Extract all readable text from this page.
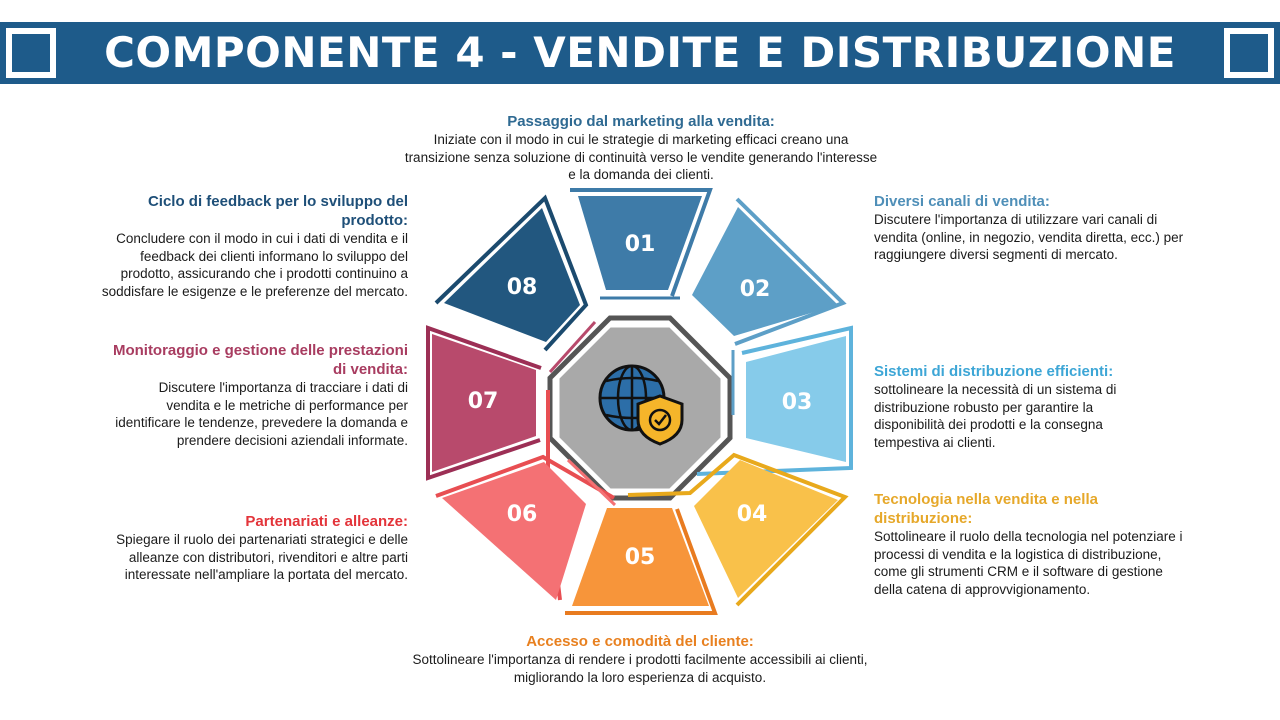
COMPONENTE 4 - VENDITE E DISTRIBUZIONE
01
02
03
04
05
06
07
08

Passaggio dal marketing alla vendita:

Iniziate con il modo in cui le strategie di marketing efficaci creano una transizione senza soluzione di continuità verso le vendite generando l'interesse e la domanda dei clienti.

Diversi canali di vendita:

Discutere l'importanza di utilizzare vari canali di vendita (online, in negozio, vendita diretta, ecc.) per raggiungere diversi segmenti di mercato.

Sistemi di distribuzione efficienti:

sottolineare la necessità di un sistema di distribuzione robusto per garantire la disponibilità dei prodotti e la consegna tempestiva ai clienti.

Tecnologia nella vendita e nella distribuzione:

Sottolineare il ruolo della tecnologia nel potenziare i processi di vendita e la logistica di distribuzione, come gli strumenti CRM e il software di gestione della catena di approvvigionamento.

Accesso e comodità del cliente:

Sottolineare l'importanza di rendere i prodotti facilmente accessibili ai clienti, migliorando la loro esperienza di acquisto.

Partenariati e alleanze:

Spiegare il ruolo dei partenariati strategici e delle alleanze con distributori, rivenditori e altre parti interessate nell'ampliare la portata del mercato.

Monitoraggio e gestione delle prestazioni di vendita:

Discutere l'importanza di tracciare i dati di vendita e le metriche di performance per identificare le tendenze, prevedere la domanda e prendere decisioni aziendali informate.

Ciclo di feedback per lo sviluppo del prodotto:

Concludere con il modo in cui i dati di vendita e il feedback dei clienti informano lo sviluppo del prodotto, assicurando che i prodotti continuino a soddisfare le esigenze e le preferenze del mercato.
